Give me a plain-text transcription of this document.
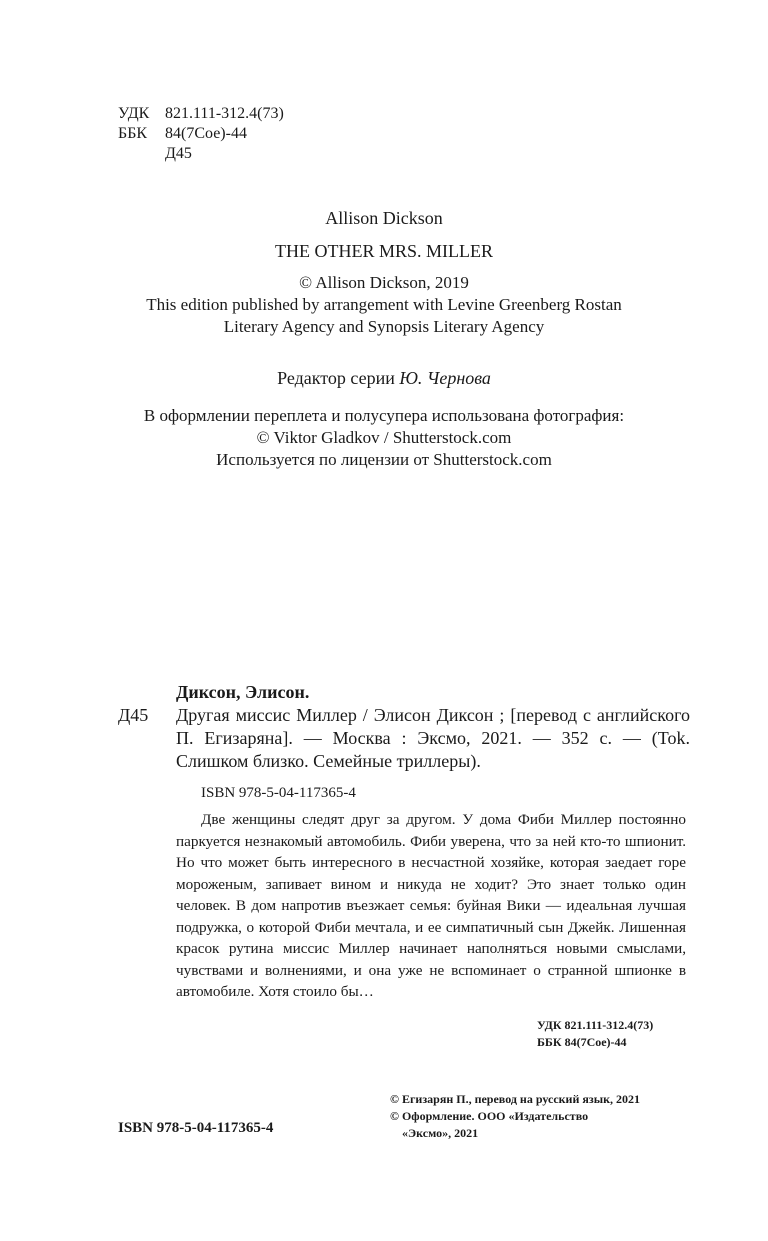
УДК 821.111-312.4(73)
ББК	84(7Сое)-44
Д45
Allison Dickson
THE OTHER MRS. MILLER
© Allison Dickson, 2019
This edition published by arrangement with Levine Greenberg Rostan
Literary Agency and Synopsis Literary Agency
Редактор серии Ю. Чернова
В оформлении переплета и полусупера использована фотография:
© Viktor Gladkov / Shutterstock.com
Используется по лицензии от Shutterstock.com
Диксон, Элисон.
Д45	Другая миссис Миллер / Элисон Диксон ; [перевод с английского П. Егизаряна]. — Москва : Эксмо, 2021. — 352 с. — (Tok. Слишком близко. Семейные триллеры).
ISBN 978-5-04-117365-4
Две женщины следят друг за другом. У дома Фиби Миллер постоянно паркуется незнакомый автомобиль. Фиби уверена, что за ней кто-то шпионит. Но что может быть интересного в несчастной хозяйке, которая заедает горе мороженым, запивает вином и никуда не ходит? Это знает только один человек. В дом напротив въезжает семья: буйная Вики — идеальная лучшая подружка, о которой Фиби мечтала, и ее симпатичный сын Джейк. Лишенная красок рутина миссис Миллер начинает наполняться новыми смыслами, чувствами и волнениями, и она уже не вспоминает о странной шпионке в автомобиле. Хотя стоило бы…
УДК 821.111-312.4(73)
ББК 84(7Сое)-44
© Егизарян П., перевод на русский язык, 2021
© Оформление. ООО «Издательство
«Эксмо», 2021
ISBN 978-5-04-117365-4
